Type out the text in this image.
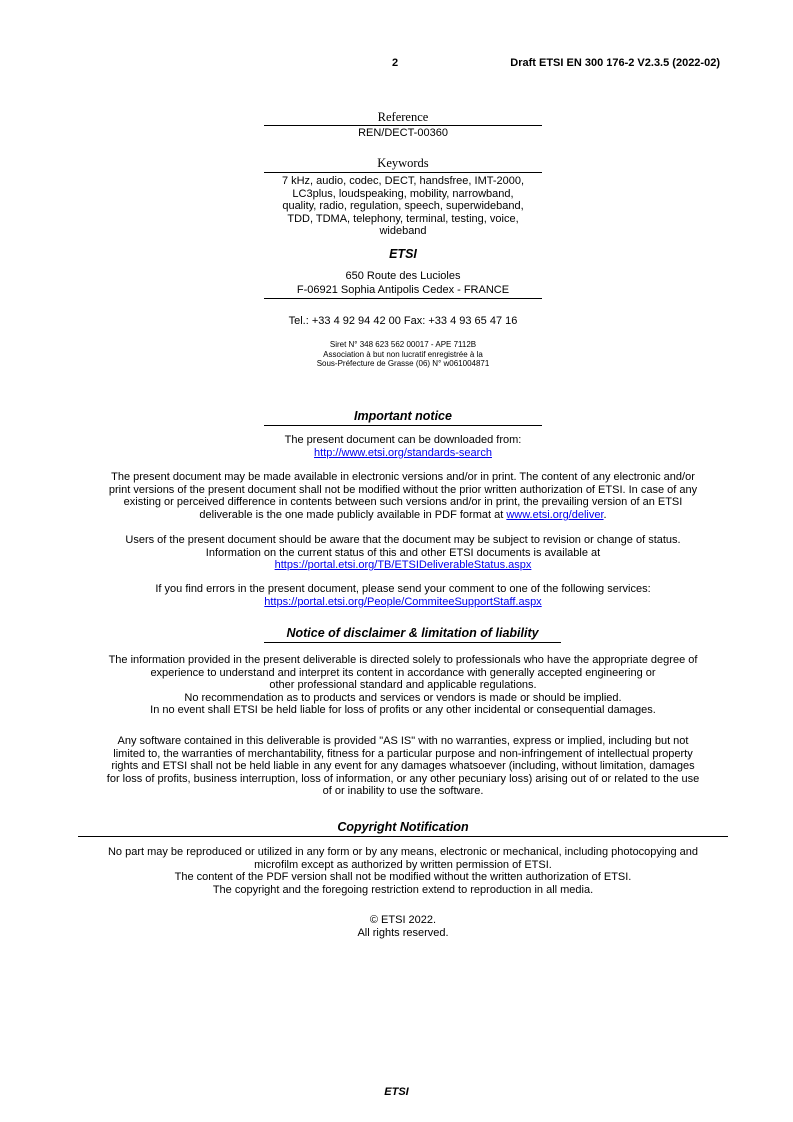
2	Draft ETSI EN 300 176-2 V2.3.5 (2022-02)
Reference
REN/DECT-00360
Keywords
7 kHz, audio, codec, DECT, handsfree, IMT-2000,
LC3plus, loudspeaking, mobility, narrowband,
quality, radio, regulation, speech, superwideband,
TDD, TDMA, telephony, terminal, testing, voice,
wideband
ETSI
650 Route des Lucioles
F-06921 Sophia Antipolis Cedex - FRANCE
Tel.: +33 4 92 94 42 00 Fax: +33 4 93 65 47 16
Siret N° 348 623 562 00017 - APE 7112B
Association à but non lucratif enregistrée à la
Sous-Préfecture de Grasse (06) N° w061004871
Important notice
The present document can be downloaded from:
http://www.etsi.org/standards-search
The present document may be made available in electronic versions and/or in print. The content of any electronic and/or
print versions of the present document shall not be modified without the prior written authorization of ETSI. In case of any
existing or perceived difference in contents between such versions and/or in print, the prevailing version of an ETSI
deliverable is the one made publicly available in PDF format at www.etsi.org/deliver.
Users of the present document should be aware that the document may be subject to revision or change of status.
Information on the current status of this and other ETSI documents is available at
https://portal.etsi.org/TB/ETSIDeliverableStatus.aspx
If you find errors in the present document, please send your comment to one of the following services:
https://portal.etsi.org/People/CommiteeSupportStaff.aspx
Notice of disclaimer & limitation of liability
The information provided in the present deliverable is directed solely to professionals who have the appropriate degree of
experience to understand and interpret its content in accordance with generally accepted engineering or
other professional standard and applicable regulations.
No recommendation as to products and services or vendors is made or should be implied.
In no event shall ETSI be held liable for loss of profits or any other incidental or consequential damages.
Any software contained in this deliverable is provided "AS IS" with no warranties, express or implied, including but not
limited to, the warranties of merchantability, fitness for a particular purpose and non-infringement of intellectual property
rights and ETSI shall not be held liable in any event for any damages whatsoever (including, without limitation, damages
for loss of profits, business interruption, loss of information, or any other pecuniary loss) arising out of or related to the use
of or inability to use the software.
Copyright Notification
No part may be reproduced or utilized in any form or by any means, electronic or mechanical, including photocopying and
microfilm except as authorized by written permission of ETSI.
The content of the PDF version shall not be modified without the written authorization of ETSI.
The copyright and the foregoing restriction extend to reproduction in all media.
© ETSI 2022.
All rights reserved.
ETSI
